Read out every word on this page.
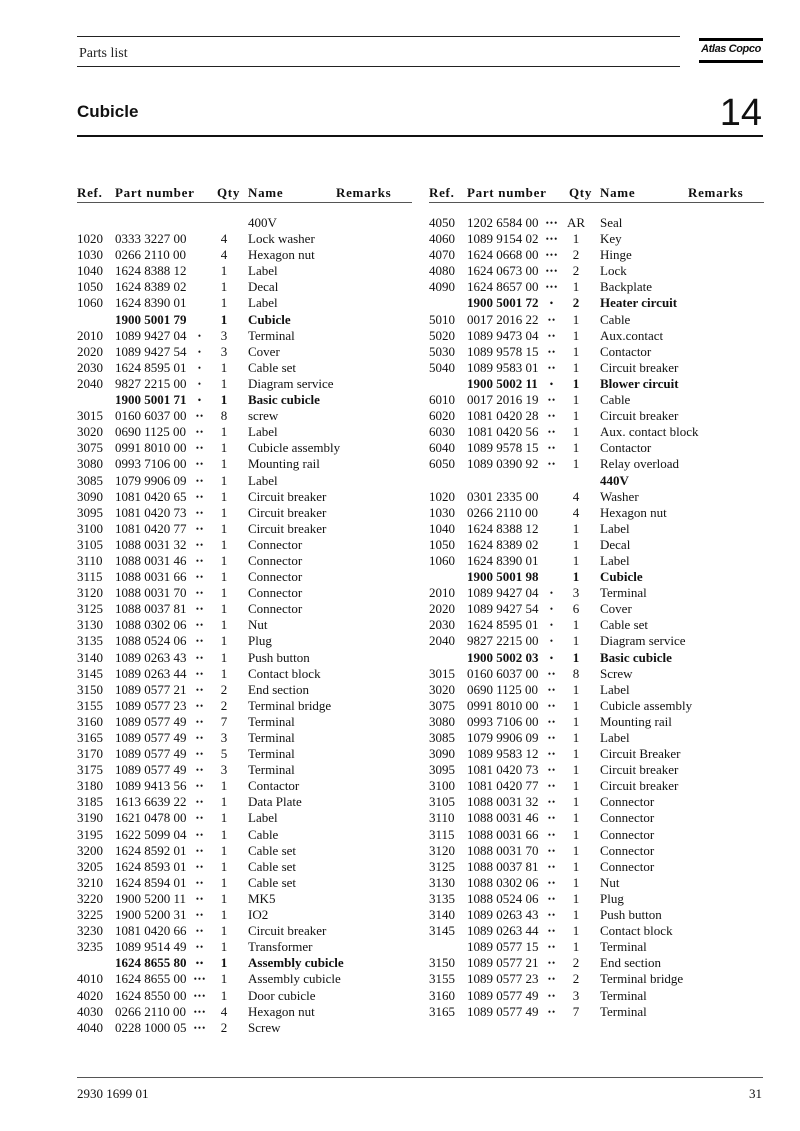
Parts list	Atlas Copco
Cubicle	14
Ref. Part number Qty Name	Remarks
400V
1020 0333 3227 00	4	Lock washer
1030 0266 2110 00	4	Hexagon nut
1040 1624 8388 12	1	Label
1050 1624 8389 02	1	Decal
1060 1624 8390 01	1	Label
1900 5001 79	1	Cubicle
2010 1089 9427 04	•	3	Terminal
2020 1089 9427 54	•	3	Cover
2030 1624 8595 01	•	1	Cable set
2040 9827 2215 00	•	1	Diagram service
1900 5001 71	•	1	Basic cubicle
3015 0160 6037 00	••	8	screw
3020 0690 1125 00	••	1	Label
3075 0991 8010 00	••	1	Cubicle assembly
3080 0993 7106 00	••	1	Mounting rail
3085 1079 9906 09	••	1	Label
3090 1081 0420 65	••	1	Circuit breaker
3095 1081 0420 73	••	1	Circuit breaker
3100 1081 0420 77	••	1	Circuit breaker
3105 1088 0031 32	••	1	Connector
3110 1088 0031 46	••	1	Connector
3115 1088 0031 66	••	1	Connector
3120 1088 0031 70	••	1	Connector
3125 1088 0037 81	••	1	Connector
3130 1088 0302 06	••	1	Nut
3135 1088 0524 06	••	1	Plug
3140 1089 0263 43	••	1	Push button
3145 1089 0263 44	••	1	Contact block
3150 1089 0577 21	••	2	End section
3155 1089 0577 23	••	2	Terminal bridge
3160 1089 0577 49	••	7	Terminal
3165 1089 0577 49	••	3	Terminal
3170 1089 0577 49	••	5	Terminal
3175 1089 0577 49	••	3	Terminal
3180 1089 9413 56	••	1	Contactor
3185 1613 6639 22	••	1	Data Plate
3190 1621 0478 00	••	1	Label
3195 1622 5099 04	••	1	Cable
3200 1624 8592 01	••	1	Cable set
3205 1624 8593 01	••	1	Cable set
3210 1624 8594 01	••	1	Cable set
3220 1900 5200 11	••	1	MK5
3225 1900 5200 31	••	1	IO2
3230 1081 0420 66	••	1	Circuit breaker
3235 1089 9514 49	••	1	Transformer
1624 8655 80	••	1	Assembly cubicle
4010 1624 8655 00 •••	1	Assembly cubicle
4020 1624 8550 00 •••	1	Door cubicle
4030 0266 2110 00 •••	4	Hexagon nut
4040 0228 1000 05 •••	2	Screw
Ref. Part number Qty Name	Remarks
4050 1202 6584 00 ••• AR Seal
4060 1089 9154 02 •••	1	Key
4070 1624 0668 00 •••	2	Hinge
4080 1624 0673 00 •••	2	Lock
4090 1624 8657 00 •••	1	Backplate
1900 5001 72	•	2	Heater circuit
5010 0017 2016 22	••	1	Cable
5020 1089 9473 04	••	1	Aux.contact
5030 1089 9578 15	••	1	Contactor
5040 1089 9583 01	••	1	Circuit breaker
1900 5002 11	•	1	Blower circuit
6010 0017 2016 19	••	1	Cable
6020 1081 0420 28	••	1	Circuit breaker
6030 1081 0420 56	••	1	Aux. contact block
6040 1089 9578 15	••	1	Contactor
6050 1089 0390 92	••	1	Relay overload
440V
1020 0301 2335 00	4	Washer
1030 0266 2110 00	4	Hexagon nut
1040 1624 8388 12	1	Label
1050 1624 8389 02	1	Decal
1060 1624 8390 01	1	Label
1900 5001 98	1	Cubicle
2010 1089 9427 04	•	3	Terminal
2020 1089 9427 54	•	6	Cover
2030 1624 8595 01	•	1	Cable set
2040 9827 2215 00	•	1	Diagram service
1900 5002 03	•	1	Basic cubicle
3015 0160 6037 00	••	8	Screw
3020 0690 1125 00	••	1	Label
3075 0991 8010 00	••	1	Cubicle assembly
3080 0993 7106 00	••	1	Mounting rail
3085 1079 9906 09	••	1	Label
3090 1089 9583 12	••	1	Circuit Breaker
3095 1081 0420 73	••	1	Circuit breaker
3100 1081 0420 77	••	1	Circuit breaker
3105 1088 0031 32	••	1	Connector
3110 1088 0031 46	••	1	Connector
3115 1088 0031 66	••	1	Connector
3120 1088 0031 70	••	1	Connector
3125 1088 0037 81	••	1	Connector
3130 1088 0302 06	••	1	Nut
3135 1088 0524 06	••	1	Plug
3140 1089 0263 43	••	1	Push button
3145 1089 0263 44	••	1	Contact block
1089 0577 15	••	1	Terminal
3150 1089 0577 21	••	2	End section
3155 1089 0577 23	••	2	Terminal bridge
3160 1089 0577 49	••	3	Terminal
3165 1089 0577 49	••	7	Terminal
2930 1699 01	31
